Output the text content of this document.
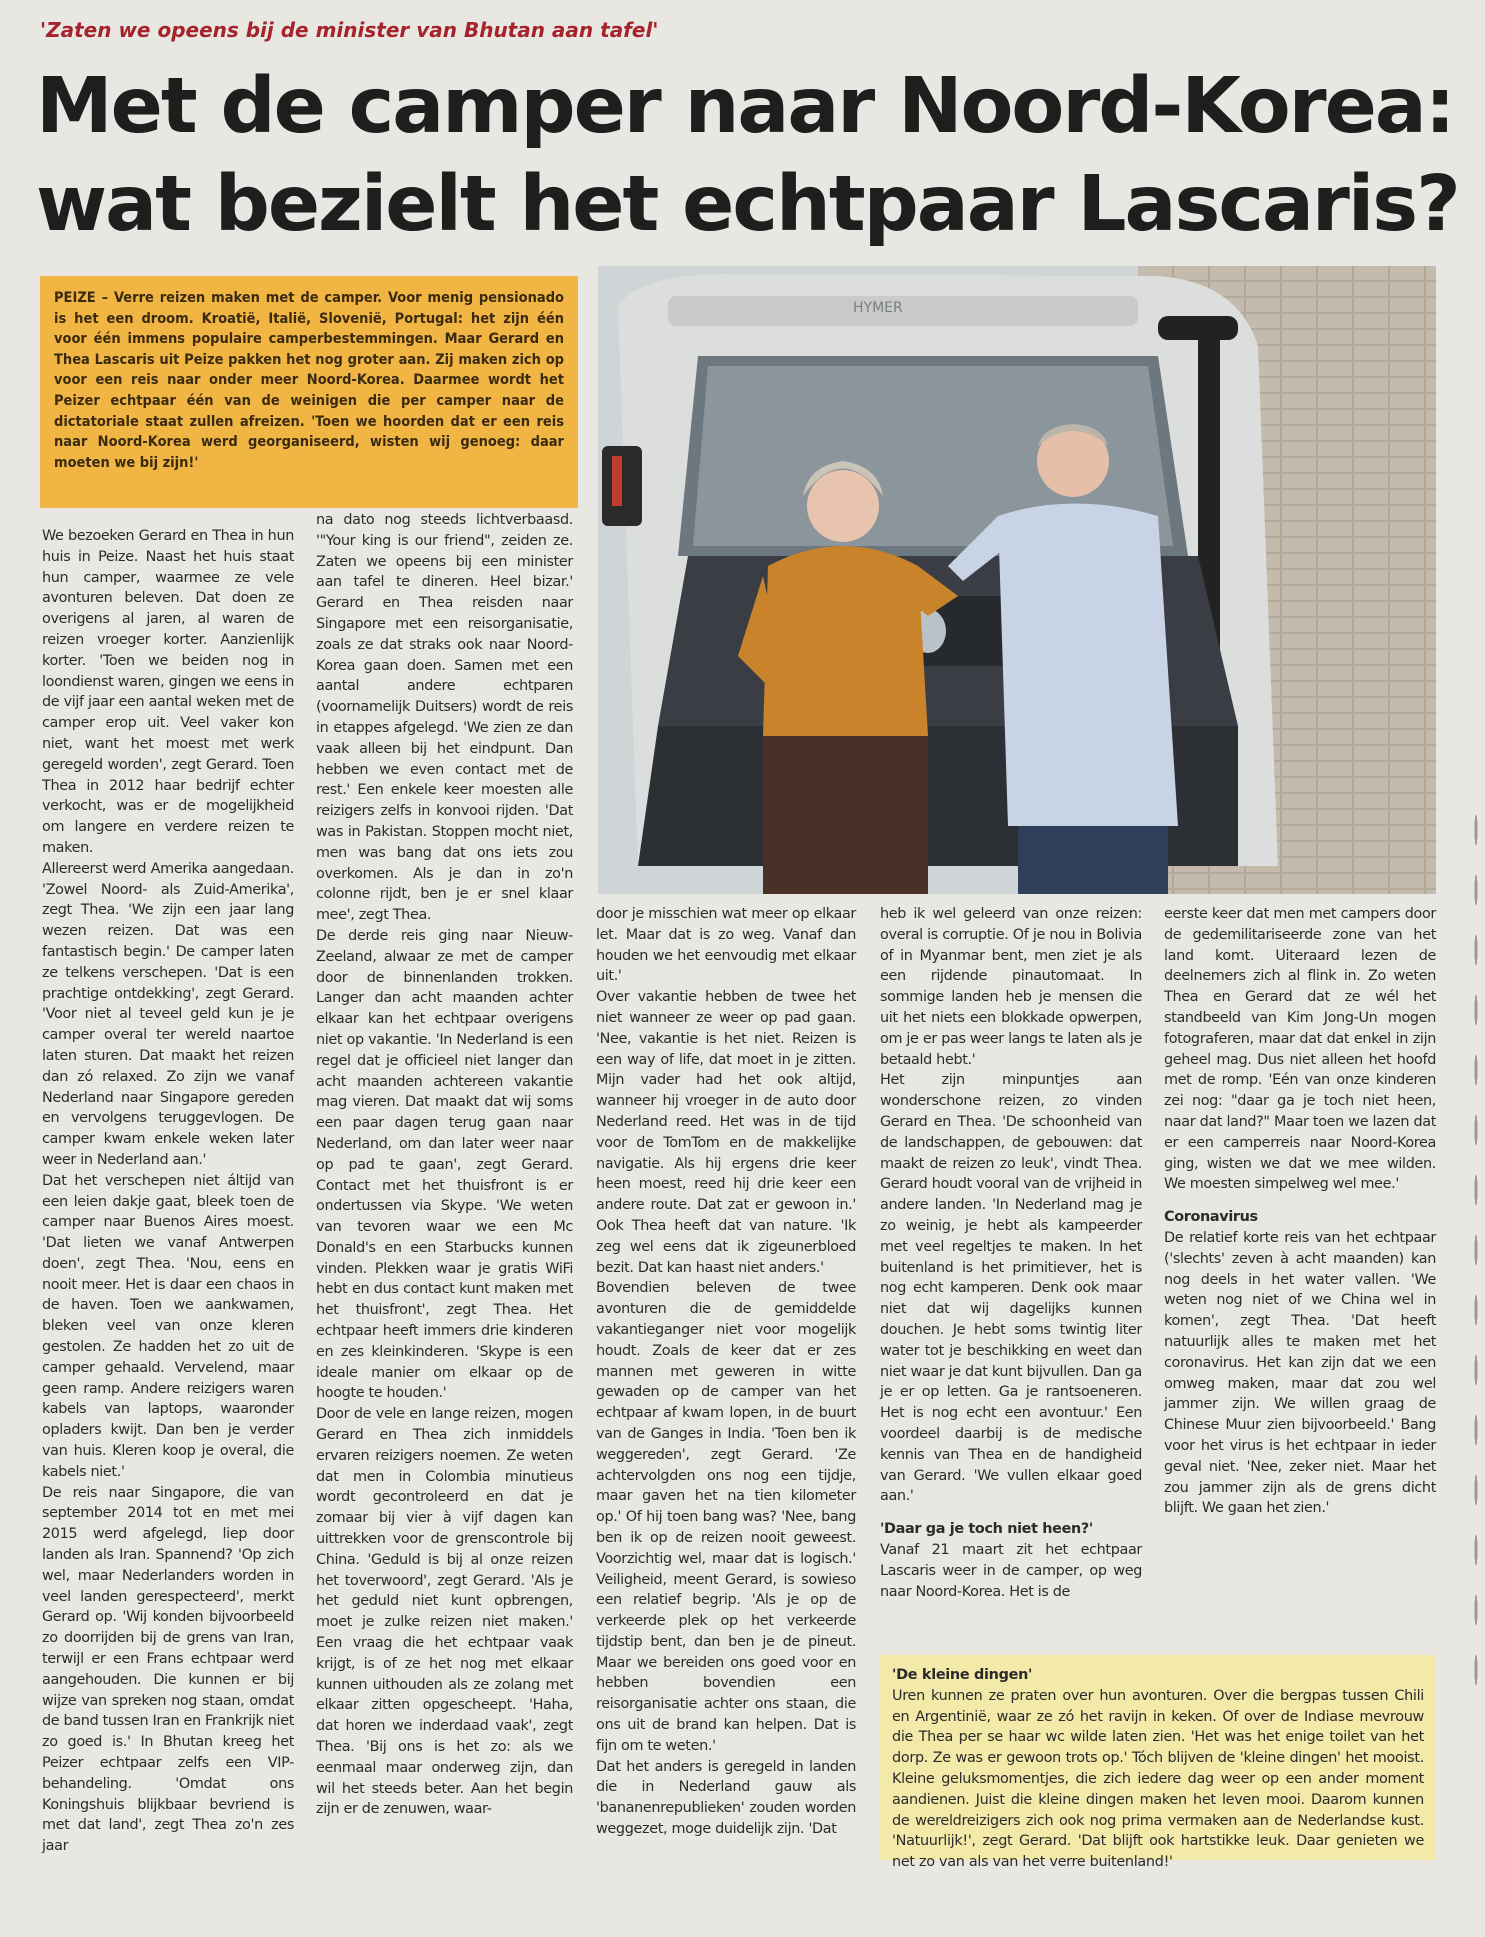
'Zaten we opeens bij de minister van Bhutan aan tafel'
Met de camper naar Noord-Korea:
wat bezielt het echtpaar Lascaris?
PEIZE – Verre reizen maken met de camper. Voor menig pensionado is het een droom. Kroatië, Italië, Slovenië, Portugal: het zijn één voor één immens populaire camperbestemmingen. Maar Gerard en Thea Lascaris uit Peize pakken het nog groter aan. Zij maken zich op voor een reis naar onder meer Noord-Korea. Daarmee wordt het Peizer echtpaar één van de weinigen die per camper naar de dictatoriale staat zullen afreizen. 'Toen we hoorden dat er een reis naar Noord-Korea werd georganiseerd, wisten wij genoeg: daar moeten we bij zijn!'
HYMER

We bezoeken Gerard en Thea in hun huis in Peize. Naast het huis staat hun camper, waarmee ze vele avonturen beleven. Dat doen ze overigens al jaren, al waren de reizen vroeger korter. Aanzienlijk korter. 'Toen we beiden nog in loondienst waren, gingen we eens in de vijf jaar een aantal weken met de camper erop uit. Veel vaker kon niet, want het moest met werk geregeld worden', zegt Gerard. Toen Thea in 2012 haar bedrijf echter verkocht, was er de mogelijkheid om langere en verdere reizen te maken.

Allereerst werd Amerika aangedaan. 'Zowel Noord- als Zuid-Amerika', zegt Thea. 'We zijn een jaar lang wezen reizen. Dat was een fantastisch begin.' De camper laten ze telkens verschepen. 'Dat is een prachtige ontdekking', zegt Gerard. 'Voor niet al teveel geld kun je je camper overal ter wereld naartoe laten sturen. Dat maakt het reizen dan zó relaxed. Zo zijn we vanaf Nederland naar Singapore gereden en vervolgens teruggevlogen. De camper kwam enkele weken later weer in Nederland aan.'

Dat het verschepen niet áltijd van een leien dakje gaat, bleek toen de camper naar Buenos Aires moest. 'Dat lieten we vanaf Antwerpen doen', zegt Thea. 'Nou, eens en nooit meer. Het is daar een chaos in de haven. Toen we aankwamen, bleken veel van onze kleren gestolen. Ze hadden het zo uit de camper gehaald. Vervelend, maar geen ramp. Andere reizigers waren kabels van laptops, waaronder opladers kwijt. Dan ben je verder van huis. Kleren koop je overal, die kabels niet.'

De reis naar Singapore, die van september 2014 tot en met mei 2015 werd afgelegd, liep door landen als Iran. Spannend? 'Op zich wel, maar Nederlanders worden in veel landen gerespecteerd', merkt Gerard op. 'Wij konden bijvoorbeeld zo doorrijden bij de grens van Iran, terwijl er een Frans echtpaar werd aangehouden. Die kunnen er bij wijze van spreken nog staan, omdat de band tussen Iran en Frankrijk niet zo goed is.' In Bhutan kreeg het Peizer echtpaar zelfs een VIP-behandeling. 'Omdat ons Koningshuis blijkbaar bevriend is met dat land', zegt Thea zo'n zes jaar

na dato nog steeds lichtverbaasd. '"Your king is our friend", zeiden ze. Zaten we opeens bij een minister aan tafel te dineren. Heel bizar.' Gerard en Thea reisden naar Singapore met een reisorganisatie, zoals ze dat straks ook naar Noord-Korea gaan doen. Samen met een aantal andere echtparen (voornamelijk Duitsers) wordt de reis in etappes afgelegd. 'We zien ze dan vaak alleen bij het eindpunt. Dan hebben we even contact met de rest.' Een enkele keer moesten alle reizigers zelfs in konvooi rijden. 'Dat was in Pakistan. Stoppen mocht niet, men was bang dat ons iets zou overkomen. Als je dan in zo'n colonne rijdt, ben je er snel klaar mee', zegt Thea.

De derde reis ging naar Nieuw-Zeeland, alwaar ze met de camper door de binnenlanden trokken. Langer dan acht maanden achter elkaar kan het echtpaar overigens niet op vakantie. 'In Nederland is een regel dat je officieel niet langer dan acht maanden achtereen vakantie mag vieren. Dat maakt dat wij soms een paar dagen terug gaan naar Nederland, om dan later weer naar op pad te gaan', zegt Gerard. Contact met het thuisfront is er ondertussen via Skype. 'We weten van tevoren waar we een Mc Donald's en een Starbucks kunnen vinden. Plekken waar je gratis WiFi hebt en dus contact kunt maken met het thuisfront', zegt Thea. Het echtpaar heeft immers drie kinderen en zes kleinkinderen. 'Skype is een ideale manier om elkaar op de hoogte te houden.'

Door de vele en lange reizen, mogen Gerard en Thea zich inmiddels ervaren reizigers noemen. Ze weten dat men in Colombia minutieus wordt gecontroleerd en dat je zomaar bij vier à vijf dagen kan uittrekken voor de grenscontrole bij China. 'Geduld is bij al onze reizen het toverwoord', zegt Gerard. 'Als je het geduld niet kunt opbrengen, moet je zulke reizen niet maken.' Een vraag die het echtpaar vaak krijgt, is of ze het nog met elkaar kunnen uithouden als ze zolang met elkaar zitten opgescheept. 'Haha, dat horen we inderdaad vaak', zegt Thea. 'Bij ons is het zo: als we eenmaal maar onderweg zijn, dan wil het steeds beter. Aan het begin zijn er de zenuwen, waar-

door je misschien wat meer op elkaar let. Maar dat is zo weg. Vanaf dan houden we het eenvoudig met elkaar uit.'

Over vakantie hebben de twee het niet wanneer ze weer op pad gaan. 'Nee, vakantie is het niet. Reizen is een way of life, dat moet in je zitten. Mijn vader had het ook altijd, wanneer hij vroeger in de auto door Nederland reed. Het was in de tijd voor de TomTom en de makkelijke navigatie. Als hij ergens drie keer heen moest, reed hij drie keer een andere route. Dat zat er gewoon in.' Ook Thea heeft dat van nature. 'Ik zeg wel eens dat ik zigeunerbloed bezit. Dat kan haast niet anders.'

Bovendien beleven de twee avonturen die de gemiddelde vakantieganger niet voor mogelijk houdt. Zoals de keer dat er zes mannen met geweren in witte gewaden op de camper van het echtpaar af kwam lopen, in de buurt van de Ganges in India. 'Toen ben ik weggereden', zegt Gerard. 'Ze achtervolgden ons nog een tijdje, maar gaven het na tien kilometer op.' Of hij toen bang was? 'Nee, bang ben ik op de reizen nooit geweest. Voorzichtig wel, maar dat is logisch.' Veiligheid, meent Gerard, is sowieso een relatief begrip. 'Als je op de verkeerde plek op het verkeerde tijdstip bent, dan ben je de pineut. Maar we bereiden ons goed voor en hebben bovendien een reisorganisatie achter ons staan, die ons uit de brand kan helpen. Dat is fijn om te weten.'

Dat het anders is geregeld in landen die in Nederland gauw als 'bananenrepublieken' zouden worden weggezet, moge duidelijk zijn. 'Dat

heb ik wel geleerd van onze reizen: overal is corruptie. Of je nou in Bolivia of in Myanmar bent, men ziet je als een rijdende pinautomaat. In sommige landen heb je mensen die uit het niets een blokkade opwerpen, om je er pas weer langs te laten als je betaald hebt.'

Het zijn minpuntjes aan wonderschone reizen, zo vinden Gerard en Thea. 'De schoonheid van de landschappen, de gebouwen: dat maakt de reizen zo leuk', vindt Thea. Gerard houdt vooral van de vrijheid in andere landen. 'In Nederland mag je zo weinig, je hebt als kampeerder met veel regeltjes te maken. In het buitenland is het primitiever, het is nog echt kamperen. Denk ook maar niet dat wij dagelijks kunnen douchen. Je hebt soms twintig liter water tot je beschikking en weet dan niet waar je dat kunt bijvullen. Dan ga je er op letten. Ga je rantsoeneren. Het is nog echt een avontuur.' Een voordeel daarbij is de medische kennis van Thea en de handigheid van Gerard. 'We vullen elkaar goed aan.'

'Daar ga je toch niet heen?'

Vanaf 21 maart zit het echtpaar Lascaris weer in de camper, op weg naar Noord-Korea. Het is de

eerste keer dat men met campers door de gedemilitariseerde zone van het land komt. Uiteraard lezen de deelnemers zich al flink in. Zo weten Thea en Gerard dat ze wél het standbeeld van Kim Jong-Un mogen fotograferen, maar dat dat enkel in zijn geheel mag. Dus niet alleen het hoofd met de romp. 'Eén van onze kinderen zei nog: "daar ga je toch niet heen, naar dat land?" Maar toen we lazen dat er een camperreis naar Noord-Korea ging, wisten we dat we mee wilden. We moesten simpelweg wel mee.'

Coronavirus

De relatief korte reis van het echtpaar ('slechts' zeven à acht maanden) kan nog deels in het water vallen. 'We weten nog niet of we China wel in komen', zegt Thea. 'Dat heeft natuurlijk alles te maken met het coronavirus. Het kan zijn dat we een omweg maken, maar dat zou wel jammer zijn. We willen graag de Chinese Muur zien bijvoorbeeld.' Bang voor het virus is het echtpaar in ieder geval niet. 'Nee, zeker niet. Maar het zou jammer zijn als de grens dicht blijft. We gaan het zien.'

'De kleine dingen'
Uren kunnen ze praten over hun avonturen. Over die bergpas tussen Chili en Argentinië, waar ze zó het ravijn in keken. Of over de Indiase mevrouw die Thea per se haar wc wilde laten zien. 'Het was het enige toilet van het dorp. Ze was er gewoon trots op.' Tóch blijven de 'kleine dingen' het mooist. Kleine geluksmomentjes, die zich iedere dag weer op een ander moment aandienen. Juist die kleine dingen maken het leven mooi. Daarom kunnen de wereldreizigers zich ook nog prima vermaken aan de Nederlandse kust. 'Natuurlijk!', zegt Gerard. 'Dat blijft ook hartstikke leuk. Daar genieten we net zo van als van het verre buitenland!'
